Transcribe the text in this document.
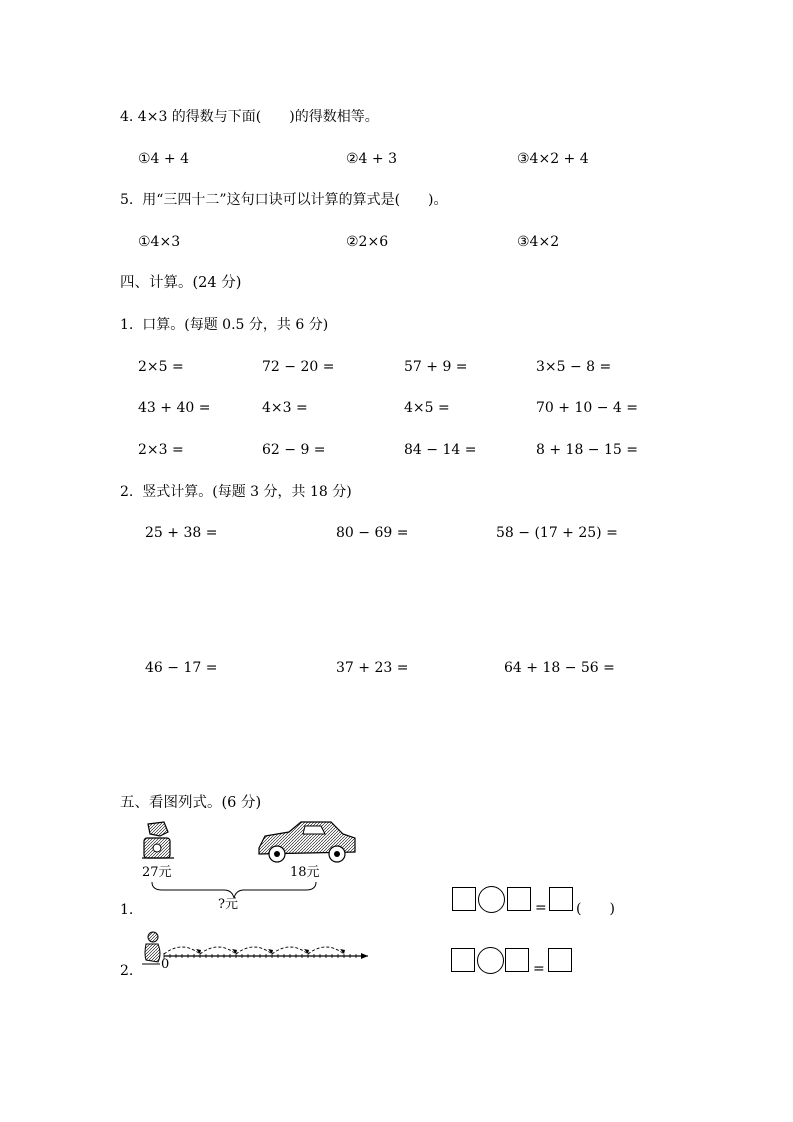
4. 4×3 的得数与下面(　　)的得数相等。
①4 + 4	②4 + 3	③4×2 + 4
5.  用“三四十二”这句口诀可以计算的算式是(　　)。
①4×3	②2×6	③4×2
四、计算。(24 分)
1.  口算。(每题 0.5 分，共 6 分)
2×5 =	72 − 20 =	57 + 9 =	3×5 − 8 =
43 + 40 =	4×3 =	4×5 =	70 + 10 − 4 =
2×3 =	62 − 9 =	84 − 14 =	8 + 18 − 15 =
2.  竖式计算。(每题 3 分，共 18 分)
25 + 38 =	80 − 69 =	58 − (17 + 25) =
46 − 17 =	37 + 23 =	64 + 18 − 56 =
五、看图列式。(6 分)
27元	18元
?元
1.	= (　　)
0
2.	=
